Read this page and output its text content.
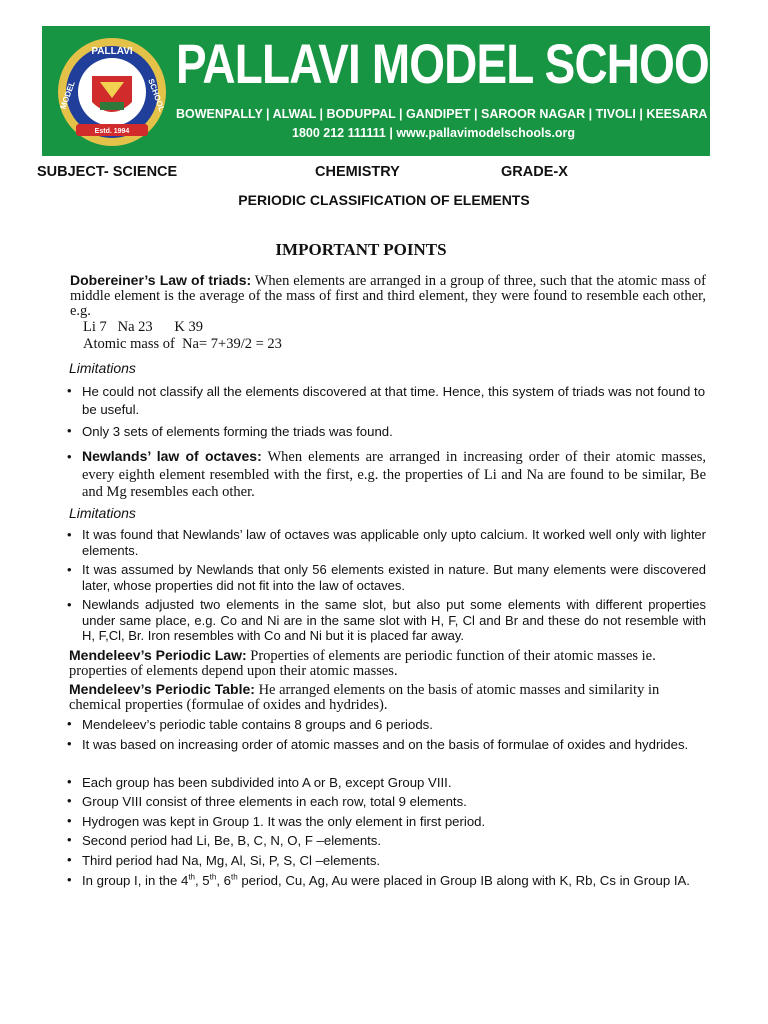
PALLAVI
MODEL	SCHOOL
Estd. 1994
PALLAVI MODEL SCHOOL
BOWENPALLY | ALWAL | BODUPPAL | GANDIPET | SAROOR NAGAR | TIVOLI | KEESARA
1800 212 111111 | www.pallavimodelschools.org
SUBJECT- SCIENCE	CHEMISTRY	GRADE-X
PERIODIC CLASSIFICATION OF ELEMENTS
IMPORTANT POINTS
Dobereiner’s Law of triads: When elements are arranged in a group of three, such that the atomic mass of middle element is the average of the mass of first and third element, they were found to resemble each other, e.g.
Li 7   Na 23      K 39
Atomic mass of  Na= 7+39/2 = 23
Limitations
• He could not classify all the elements discovered at that time. Hence, this system of triads was not found to be useful.
• Only 3 sets of elements forming the triads was found.
• Newlands’ law of octaves: When elements are arranged in increasing order of their atomic masses, every eighth element resembled with the first, e.g. the properties of Li and Na are found to be similar, Be and Mg resembles each other.
Limitations
• It was found that Newlands’ law of octaves was applicable only upto calcium. It worked well only with lighter elements.
• It was assumed by Newlands that only 56 elements existed in nature. But many elements were discovered later, whose properties did not fit into the law of octaves.
• Newlands adjusted two elements in the same slot, but also put some elements with different properties under same place, e.g. Co and Ni are in the same slot with H, F, Cl and Br and these do not resemble with H, F,Cl, Br. Iron resembles with Co and Ni but it is placed far away.
Mendeleev’s Periodic Law: Properties of elements are periodic function of their atomic masses ie. properties of elements depend upon their atomic masses.
Mendeleev’s Periodic Table: He arranged elements on the basis of atomic masses and similarity in chemical properties (formulae of oxides and hydrides).
• Mendeleev’s periodic table contains 8 groups and 6 periods.
• It was based on increasing order of atomic masses and on the basis of formulae of oxides and hydrides.
• Each group has been subdivided into A or B, except Group VIII.
• Group VIII consist of three elements in each row, total 9 elements.
• Hydrogen was kept in Group 1. It was the only element in first period.
• Second period had Li, Be, B, C, N, O, F –elements.
• Third period had Na, Mg, Al, Si, P, S, Cl –elements.
• In group I, in the 4th, 5th, 6th period, Cu, Ag, Au were placed in Group IB along with K, Rb, Cs in Group IA.
